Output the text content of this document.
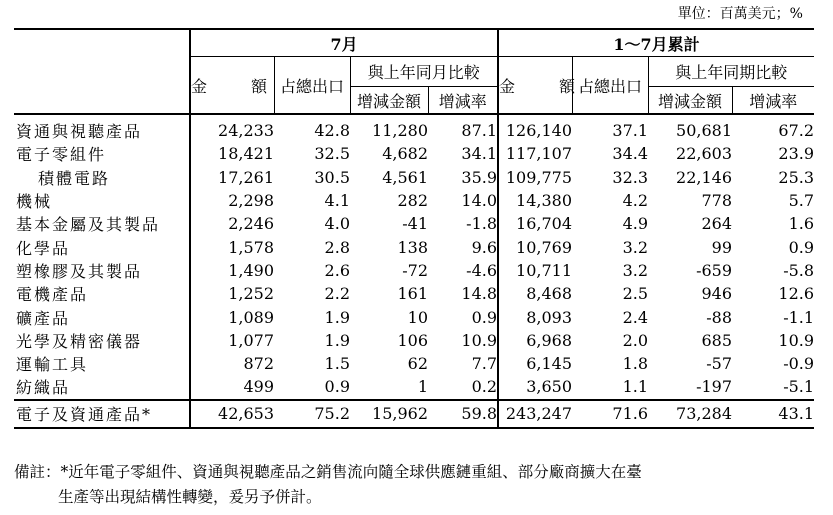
單位：百萬美元；%
	7月				1～7月累計			
	金　額	占總出口	與上年同月比較		金　額	占總出口	與上年同期比較	
			增減金額	增減率			增減金額	增減率
資通與視聽產品	24,233	42.8	11,280	87.1	126,140	37.1	50,681	67.2
電子零組件	18,421	32.5	4,682	34.1	117,107	34.4	22,603	23.9
積體電路	17,261	30.5	4,561	35.9	109,775	32.3	22,146	25.3
機械	2,298	4.1	282	14.0	14,380	4.2	778	5.7
基本金屬及其製品	2,246	4.0	-41	-1.8	16,704	4.9	264	1.6
化學品	1,578	2.8	138	9.6	10,769	3.2	99	0.9
塑橡膠及其製品	1,490	2.6	-72	-4.6	10,711	3.2	-659	-5.8
電機產品	1,252	2.2	161	14.8	8,468	2.5	946	12.6
礦產品	1,089	1.9	10	0.9	8,093	2.4	-88	-1.1
光學及精密儀器	1,077	1.9	106	10.9	6,968	2.0	685	10.9
運輸工具	872	1.5	62	7.7	6,145	1.8	-57	-0.9
紡織品	499	0.9	1	0.2	3,650	1.1	-197	-5.1
電子及資通產品*	42,653	75.2	15,962	59.8	243,247	71.6	73,284	43.1
備註：*近年電子零組件、資通與視聽產品之銷售流向隨全球供應鏈重組、部分廠商擴大在臺
生產等出現結構性轉變，爰另予併計。
